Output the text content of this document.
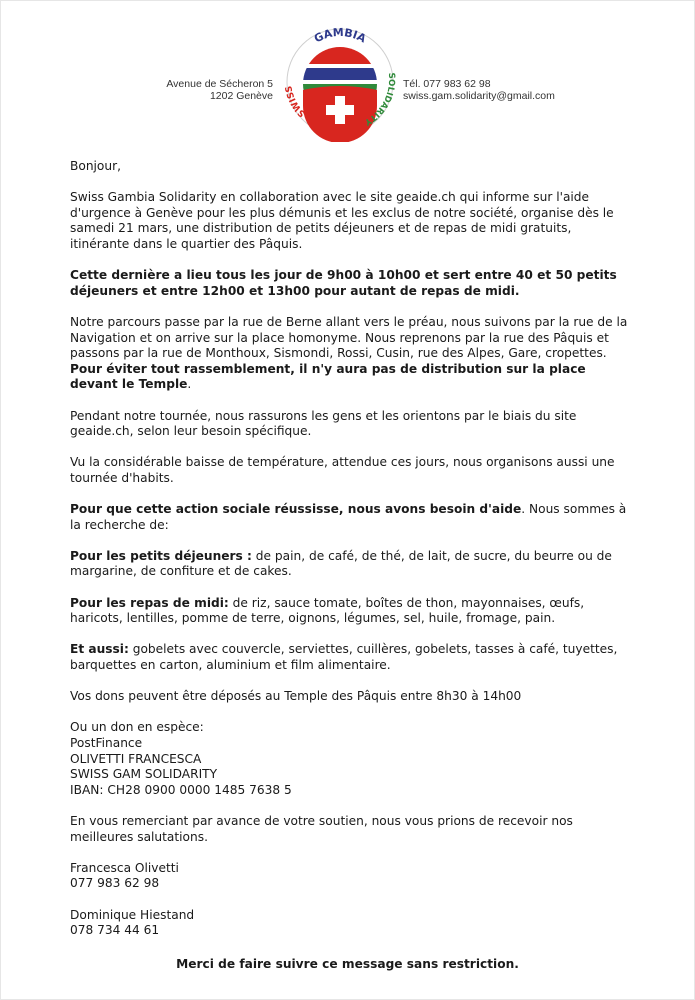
Avenue de Sécheron 5
1202 Genève
GAMBIA
SWISS
SOLIDARITY
Tél. 077 983 62 98
swiss.gam.solidarity@gmail.com

Bonjour,

Swiss Gambia Solidarity en collaboration avec le site geaide.ch qui informe sur l'aide d'urgence à Genève pour les plus démunis et les exclus de notre société, organise dès le samedi 21 mars, une distribution de petits déjeuners et de repas de midi gratuits, itinérante dans le quartier des Pâquis.

Cette dernière a lieu tous les jour de 9h00 à 10h00 et sert entre 40 et 50 petits déjeuners et entre 12h00 et 13h00 pour autant de repas de midi.

Notre parcours passe par la rue de Berne allant vers le préau, nous suivons par la rue de la Navigation et on arrive sur la place homonyme. Nous reprenons par la rue des Pâquis et passons par la rue de Monthoux, Sismondi, Rossi, Cusin, rue des Alpes, Gare, cropettes. Pour éviter tout rassemblement, il n'y aura pas de distribution sur la place devant le Temple.

Pendant notre tournée, nous rassurons les gens et les orientons par le biais du site geaide.ch, selon leur besoin spécifique.

Vu la considérable baisse de température, attendue ces jours, nous organisons aussi une tournée d'habits.

Pour que cette action sociale réussisse, nous avons besoin d'aide. Nous sommes à la recherche de:

Pour les petits déjeuners : de pain, de café, de thé, de lait, de sucre, du beurre ou de margarine, de confiture et de cakes.

Pour les repas de midi: de riz, sauce tomate, boîtes de thon, mayonnaises, œufs, haricots, lentilles, pomme de terre, oignons, légumes, sel, huile, fromage, pain.

Et aussi: gobelets avec couvercle, serviettes, cuillères, gobelets, tasses à café, tuyettes, barquettes en carton, aluminium et film alimentaire.

Vos dons peuvent être déposés au Temple des Pâquis entre 8h30 à 14h00

Ou un don en espèce:
PostFinance
OLIVETTI FRANCESCA
SWISS GAM SOLIDARITY
IBAN: CH28 0900 0000 1485 7638 5

En vous remerciant par avance de votre soutien, nous vous prions de recevoir nos meilleures salutations.

Francesca Olivetti
077 983 62 98

Dominique Hiestand
078 734 44 61

Merci de faire suivre ce message sans restriction.
